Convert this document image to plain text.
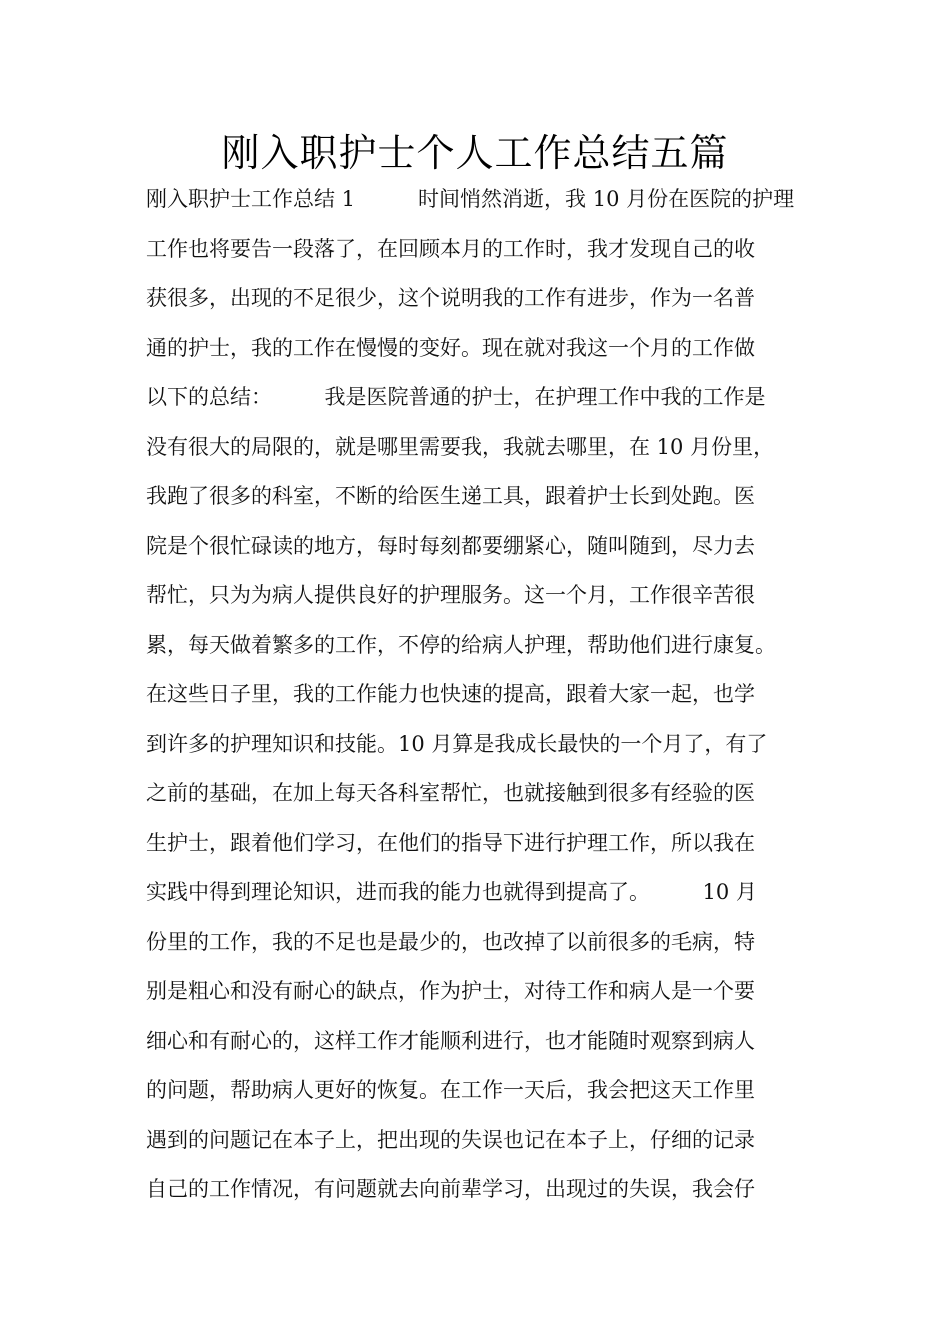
刚入职护士个人工作总结五篇
刚入职护士工作总结 1　　　时间悄然消逝，我 10 月份在医院的护理
工作也将要告一段落了，在回顾本月的工作时，我才发现自己的收
获很多，出现的不足很少，这个说明我的工作有进步，作为一名普
通的护士，我的工作在慢慢的变好。现在就对我这一个月的工作做
以下的总结：　　　我是医院普通的护士，在护理工作中我的工作是
没有很大的局限的，就是哪里需要我，我就去哪里，在 10 月份里，
我跑了很多的科室，不断的给医生递工具，跟着护士长到处跑。医
院是个很忙碌读的地方，每时每刻都要绷紧心，随叫随到，尽力去
帮忙，只为为病人提供良好的护理服务。这一个月，工作很辛苦很
累，每天做着繁多的工作，不停的给病人护理，帮助他们进行康复。
在这些日子里，我的工作能力也快速的提高，跟着大家一起，也学
到许多的护理知识和技能。10 月算是我成长最快的一个月了，有了
之前的基础，在加上每天各科室帮忙，也就接触到很多有经验的医
生护士，跟着他们学习，在他们的指导下进行护理工作，所以我在
实践中得到理论知识，进而我的能力也就得到提高了。　　　10 月
份里的工作，我的不足也是最少的，也改掉了以前很多的毛病，特
别是粗心和没有耐心的缺点，作为护士，对待工作和病人是一个要
细心和有耐心的，这样工作才能顺利进行，也才能随时观察到病人
的问题，帮助病人更好的恢复。在工作一天后，我会把这天工作里
遇到的问题记在本子上，把出现的失误也记在本子上，仔细的记录
自己的工作情况，有问题就去向前辈学习，出现过的失误，我会仔
